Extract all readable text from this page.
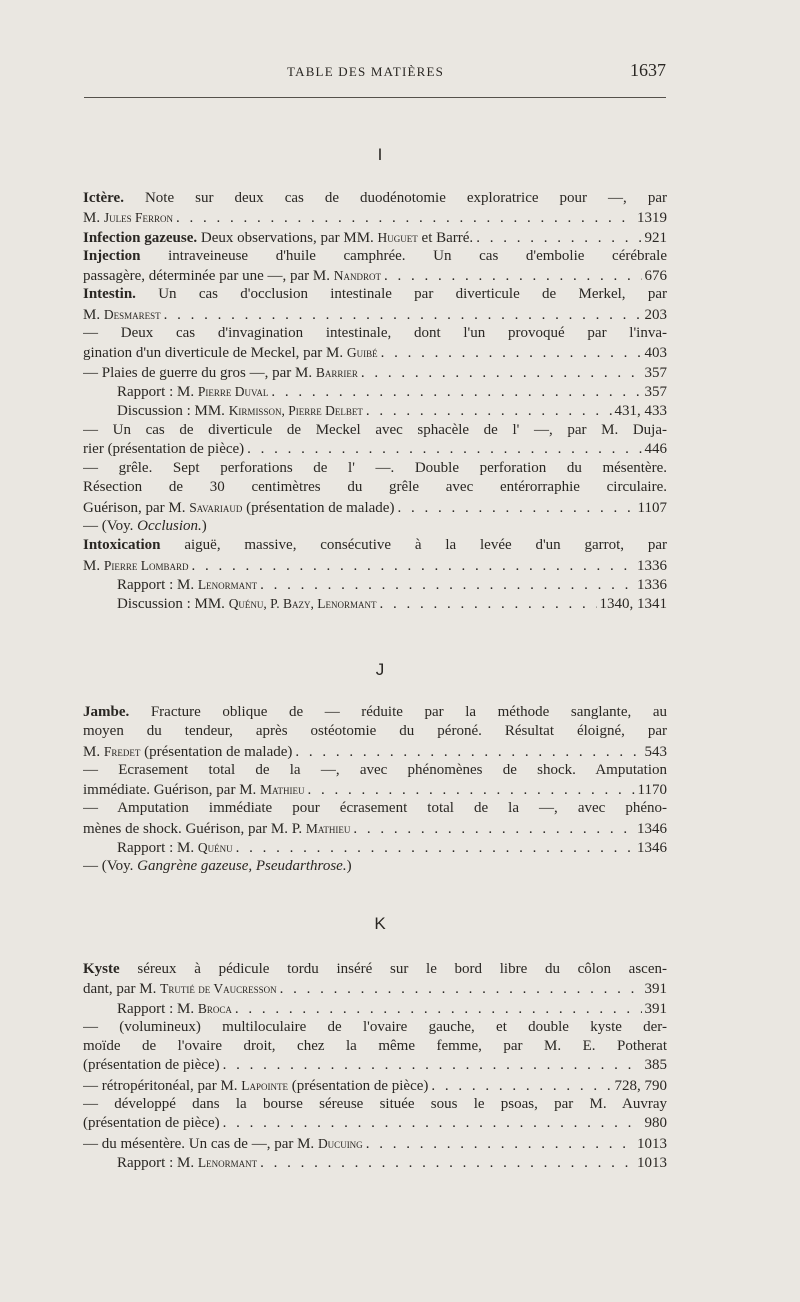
TABLE DES MATIÈRES	1637
I
Ictère. Note sur deux cas de duodénotomie exploratrice pour —, par
M. Jules Ferron . . .	1319
Infection gazeuse. Deux observations, par MM. Huguet et Barré. . . .	921
Injection intraveineuse d'huile camphrée. Un cas d'embolie cérébrale
passagère, déterminée par une —, par M. Nandrot . . .	676
Intestin. Un cas d'occlusion intestinale par diverticule de Merkel, par
M. Desmarest . . .	203
— Deux cas d'invagination intestinale, dont l'un provoqué par l'inva-
gination d'un diverticule de Meckel, par M. Guibé . . .	403
— Plaies de guerre du gros —, par M. Barrier . . .	357
Rapport : M. Pierre Duval . . .	357
Discussion : MM. Kirmisson, Pierre Delbet . . .	431, 433
— Un cas de diverticule de Meckel avec sphacèle de l' —, par M. Duja-
rier (présentation de pièce) . . .	446
— grêle. Sept perforations de l' —. Double perforation du mésentère.
Résection de 30 centimètres du grêle avec entérorraphie circulaire.
Guérison, par M. Savariaud (présentation de malade) . . .	1107
— (Voy. Occlusion.)
Intoxication aiguë, massive, consécutive à la levée d'un garrot, par
M. Pierre Lombard . . .	1336
Rapport : M. Lenormant . . .	1336
Discussion : MM. Quénu, P. Bazy, Lenormant . . .	1340, 1341
J
Jambe. Fracture oblique de — réduite par la méthode sanglante, au
moyen du tendeur, après ostéotomie du péroné. Résultat éloigné, par
M. Fredet (présentation de malade) . . .	543
— Ecrasement total de la —, avec phénomènes de shock. Amputation
immédiate. Guérison, par M. Mathieu . . .	1170
— Amputation immédiate pour écrasement total de la —, avec phéno-
mènes de shock. Guérison, par M. P. Mathieu . . .	1346
Rapport : M. Quénu . . .	1346
— (Voy. Gangrène gazeuse, Pseudarthrose.)
K
Kyste séreux à pédicule tordu inséré sur le bord libre du côlon ascen-
dant, par M. Trutié de Vaucresson . . .	391
Rapport : M. Broca . . .	391
— (volumineux) multiloculaire de l'ovaire gauche, et double kyste der-
moïde de l'ovaire droit, chez la même femme, par M. E. Potherat
(présentation de pièce) . . .	385
— rétropéritonéal, par M. Lapointe (présentation de pièce) . . .	728, 790
— développé dans la bourse séreuse située sous le psoas, par M. Auvray
(présentation de pièce) . . .	980
— du mésentère. Un cas de —, par M. Ducuing . . .	1013
Rapport : M. Lenormant . . .	1013
